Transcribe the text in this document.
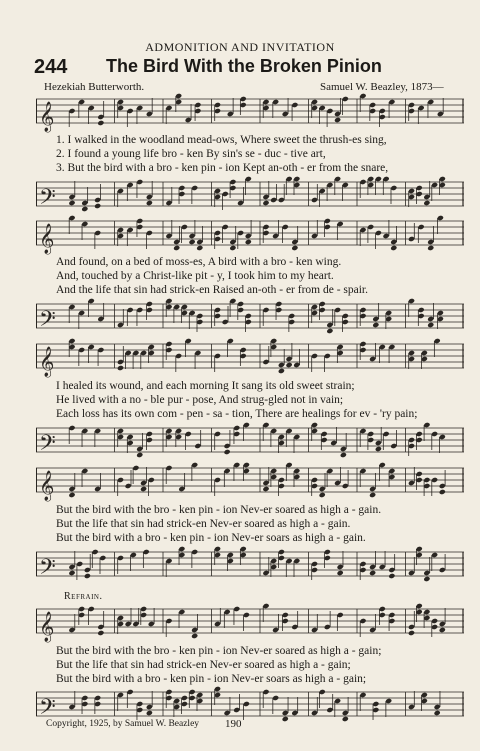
ADMONITION AND INVITATION
244 The Bird With the Broken Pinion
Hezekiah Butterworth.	Samuel W. Beazley, 1873—
𝄞
1. I walked in the woodland mead-ows, Where sweet the thrush-es sing,
2. I found a young life bro - ken By sin's se - duc - tive art,
3. But the bird with a bro - ken pin - ion Kept an-oth - er from the snare,
𝄢
𝄞
And found, on a bed of moss-es, A bird with a bro - ken wing.
And, touched by a Christ-like pit - y, I took him to my heart.
And the life that sin had strick-en Raised an-oth - er from de - spair.
𝄢
𝄞
I healed its wound, and each morning It sang its old sweet strain;
He lived with a no - ble pur - pose, And strug-gled not in vain;
Each loss has its own com - pen - sa - tion, There are healings for ev - 'ry pain;
𝄢
𝄞
But the bird with the bro - ken pin - ion Nev-er soared as high a - gain.
But the life that sin had strick-en Nev-er soared as high a - gain.
But the bird with a bro - ken pin - ion Nev-er soars as high a - gain.
𝄢
Refrain.
𝄞
But the bird with the bro - ken pin - ion Nev-er soared as high a - gain;
But the life that sin had strick-en Nev-er soared as high a - gain;
But the bird with a bro - ken pin - ion Nev-er soars as high a - gain;
𝄢
Copyright, 1925, by Samuel W. Beazley 190
